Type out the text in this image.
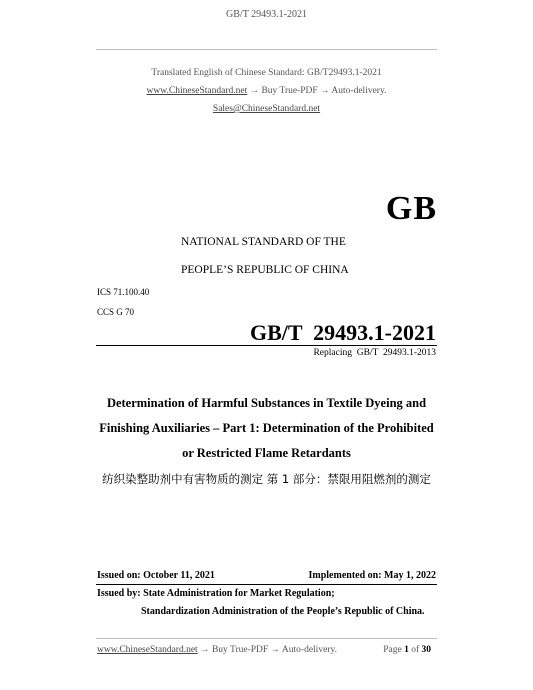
GB/T 29493.1-2021
Translated English of Chinese Standard: GB/T29493.1-2021
www.ChineseStandard.net → Buy True-PDF → Auto-delivery.
Sales@ChineseStandard.net
GB
NATIONAL STANDARD OF THE
PEOPLE’S REPUBLIC OF CHINA
ICS 71.100.40
CCS G 70
GB/T  29493.1-2021
Replacing  GB/T  29493.1-2013
Determination of Harmful Substances in Textile Dyeing and
Finishing Auxiliaries – Part 1: Determination of the Prohibited
or Restricted Flame Retardants
纺织染整助剂中有害物质的测定 第 1 部分：禁限用阻燃剂的测定
Issued on: October 11, 2021	Implemented on: May 1, 2022
Issued by: State Administration for Market Regulation;
Standardization Administration of the People’s Republic of China.
www.ChineseStandard.net → Buy True-PDF → Auto-delivery.	Page 1 of 30
